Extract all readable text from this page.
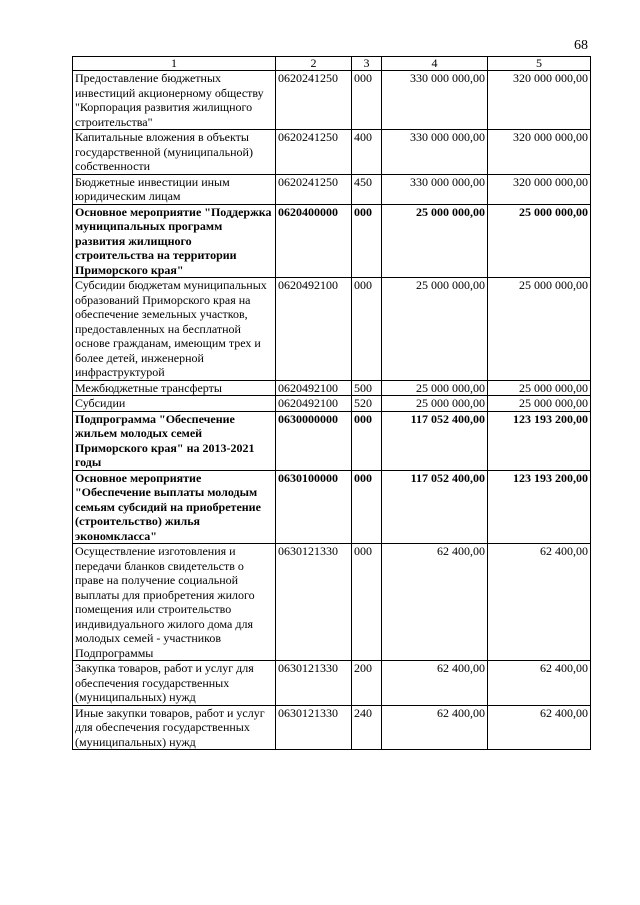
68
1	2	3	4	5
Предоставление бюджетных инвестиций акционерному обществу "Корпорация развития жилищного строительства"	0620241250	000	330 000 000,00	320 000 000,00
Капитальные вложения в объекты государственной (муниципальной) собственности	0620241250	400	330 000 000,00	320 000 000,00
Бюджетные инвестиции иным юридическим лицам	0620241250	450	330 000 000,00	320 000 000,00
Основное мероприятие "Поддержка муниципальных программ развития жилищного строительства на территории Приморского края"	0620400000	000	25 000 000,00	25 000 000,00
Субсидии бюджетам муниципальных образований Приморского края на обеспечение земельных участков, предоставленных на бесплатной основе гражданам, имеющим трех и более детей, инженерной инфраструктурой	0620492100	000	25 000 000,00	25 000 000,00
Межбюджетные трансферты	0620492100	500	25 000 000,00	25 000 000,00
Субсидии	0620492100	520	25 000 000,00	25 000 000,00
Подпрограмма "Обеспечение жильем молодых семей Приморского края" на 2013-2021 годы	0630000000	000	117 052 400,00	123 193 200,00
Основное мероприятие "Обеспечение выплаты молодым семьям субсидий на приобретение (строительство) жилья экономкласса"	0630100000	000	117 052 400,00	123 193 200,00
Осуществление изготовления и передачи бланков свидетельств о праве на получение социальной выплаты для приобретения жилого помещения или строительство индивидуального жилого дома для молодых семей - участников Подпрограммы	0630121330	000	62 400,00	62 400,00
Закупка товаров, работ и услуг для обеспечения государственных (муниципальных) нужд	0630121330	200	62 400,00	62 400,00
Иные закупки товаров, работ и услуг для обеспечения государственных (муниципальных) нужд	0630121330	240	62 400,00	62 400,00
